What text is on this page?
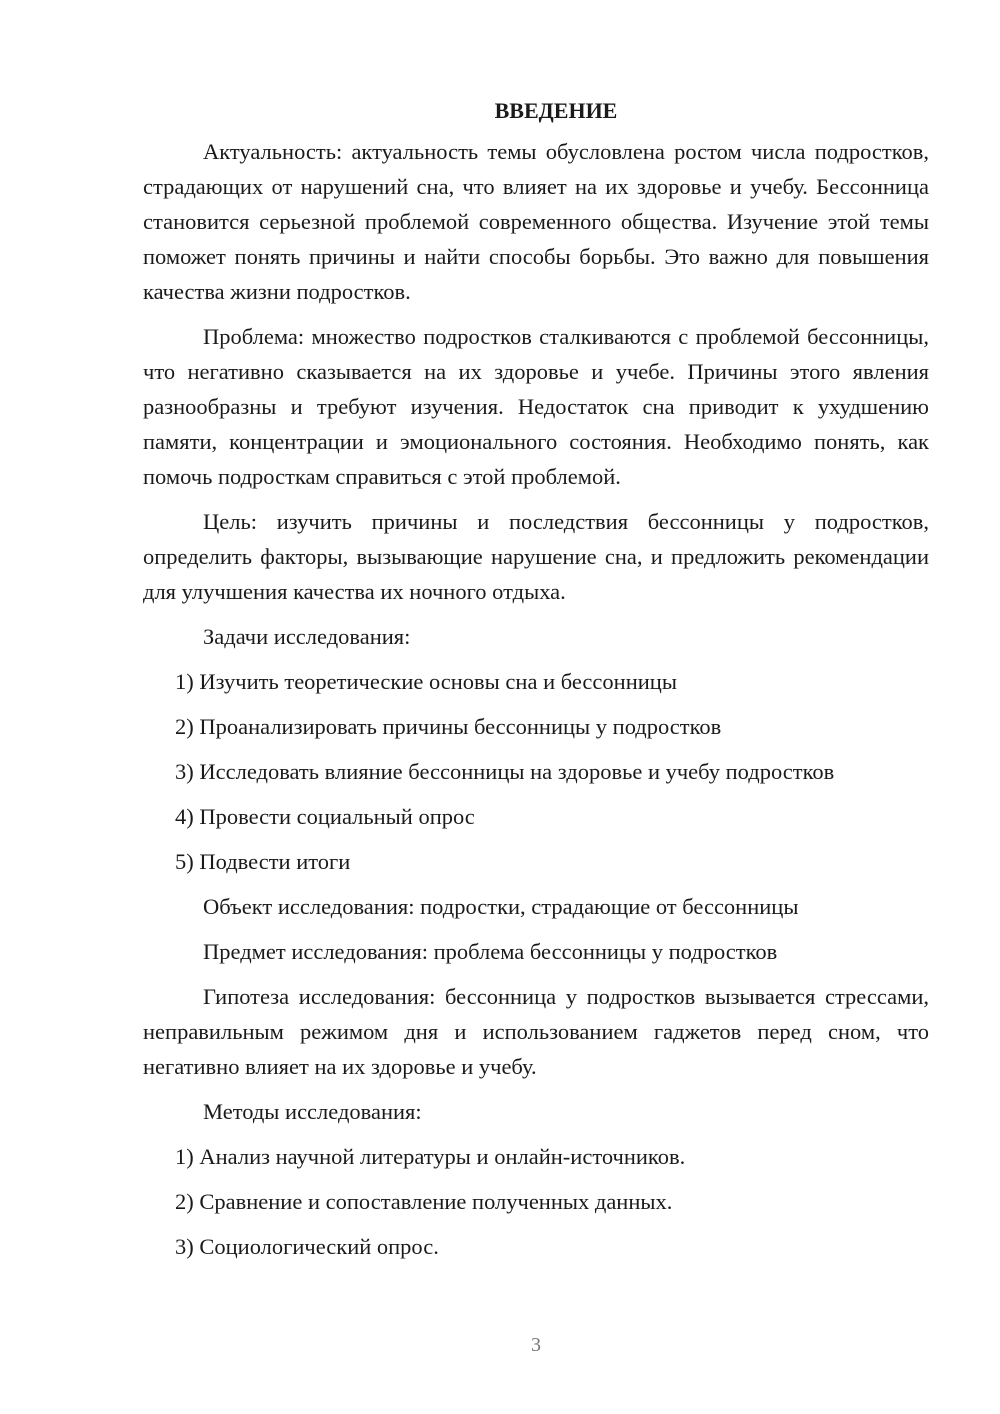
ВВЕДЕНИЕ

Актуальность: актуальность темы обусловлена ростом числа подростков, страдающих от нарушений сна, что влияет на их здоровье и учебу. Бессонница становится серьезной проблемой современного общества. Изучение этой темы поможет понять причины и найти способы борьбы. Это важно для повышения качества жизни подростков.

Проблема: множество подростков сталкиваются с проблемой бессонницы, что негативно сказывается на их здоровье и учебе. Причины этого явления разнообразны и требуют изучения. Недостаток сна приводит к ухудшению памяти, концентрации и эмоционального состояния. Необходимо понять, как помочь подросткам справиться с этой проблемой.

Цель: изучить причины и последствия бессонницы у подростков, определить факторы, вызывающие нарушение сна, и предложить рекомендации для улучшения качества их ночного отдыха.

Задачи исследования:

1) Изучить теоретические основы сна и бессонницы

2) Проанализировать причины бессонницы у подростков

3) Исследовать влияние бессонницы на здоровье и учебу подростков

4) Провести социальный опрос

5) Подвести итоги

Объект исследования: подростки, страдающие от бессонницы

Предмет исследования: проблема бессонницы у подростков

Гипотеза исследования: бессонница у подростков вызывается стрессами, неправильным режимом дня и использованием гаджетов перед сном, что негативно влияет на их здоровье и учебу.

Методы исследования:

1) Анализ научной литературы и онлайн-источников.

2) Сравнение и сопоставление полученных данных.

3) Социологический опрос.

3
